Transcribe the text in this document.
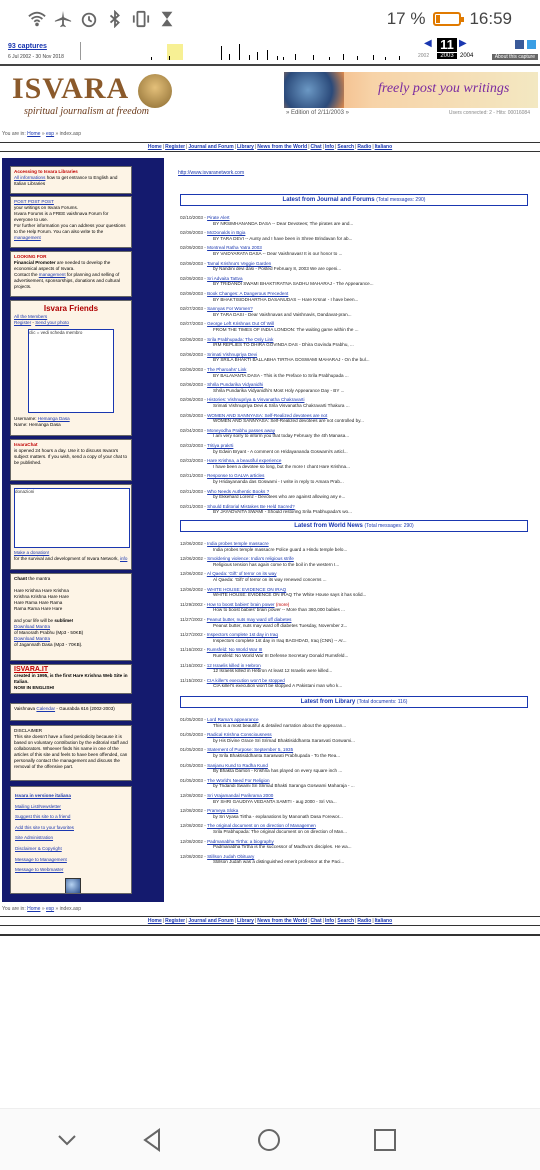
17 %	16:59
93 captures
6 Jul 2002 - 30 Nov 2018
◀	▶
11
2002	2003	2004	About this capture
ISVARA
spiritual journalism at freedom
freely post you writings
» Edition of 2/11/2003 »	Users connected: 2 - Hits: 00016084
You are in: Home » esp » index.asp
Home|Register|Journal and Forum|Library|News from the World|Chat|Info|Search|Radio|Italiano
Accessing to Isvara Libraries
All informations how to get entrance to English and Italian Libraries
POST POST POST
your writings on Isvara Forums.
Isvara Forums is a FREE vaishnava Forum for everyone to use.
For further information you can address your questions to the Help Forum. You can also write to the management
LOOKING FOR
Financial Promoter are needed to develop the economical aspects of Isvara.
Contact the management for planning and selling of advertisement, sponsorships, donations and cultural projects.
Isvara Friends
All the Members
Register - Send your photo
clic = vedi scheda membro
Username: Hemanga Dasa
Name: Hemanga Dasa
IsvaraChat
is opened 24 hours a day. Use it to discuss Isvara's subject matters. If you wish, send a copy of your chat to be published.
donazioni
Make a donation!
for the survival and development of Isvara Network, info
Chant the mantra

Hare Krishna Hare Krishna
Krishna Krishna Hare Hare
Hare Rama Hare Rama
Rama Rama Hare Hare

and your life will be sublime!
Download Mantra
of Manorath Prabhu (Mp3 - 50KB)
Download Mantra
of Jagannath Dasa (Mp3 - 70KB).
ISVARA.IT
created in 1995, is the first Hare Krishna Web Site in Italian.
NOW IN ENGLISH!
Vaishnava Calendar - Gaurabda 616 (2002-2003)
DISCLAIMER
This site doesn't have a fixed periodicity because it is based on voluntary contribution by the editorial staff and collaborators. Whoever finds his name in one of the articles of this site and feels to have been offended, can personally contact the management and discuss the removal of the offensive part.
Isvara in versione italiana
Mailing List/Newsletter
Suggest this site to a friend
Add this site to your favorites
Site Administration
Disclaimer & Copyright
Message to Management
Message to Webmaster
http://www.isvaranetwork.com
Latest from Journal and Forums (Total messages: 290)
02/10/2003 - Pirate Alert
BY NRSIMHANANDA DASA -- Dear Devotees; The pirates are and...
02/09/2003 - McDonalds in Bgia
BY TARA DEVI -- Aunty and I have been in Shree Brindavan for ab...
02/09/2003 - Montreal Ratha Yatra 2003
BY VAIDYARATA DASA -- Dear Vaishnavas! It is our honor to ...
02/09/2003 - Tamal Krishna's Veggie Garden
by Nandini devi dasi - Posted February 8, 2003 We are openi...
02/09/2003 - Sri Advaita Tattva
BY TRIDANDI SWAMI BHAKTIRATNA SADHU MAHARAJ - The Appearance...
02/09/2003 - Book Changes: A Dangerous Precedent
BY BHAKTISIDDHARTHA DASANUDAS -- Hare Krsna! - I have been...
02/07/2003 - Sannyas For Women?
BY TARA DASI - Dear Vaishnavas and Vaishnavis, Dandavat-pran...
02/07/2003 - George Left Krishnas Out Of Will
FROM THE TIMES OF INDIA LONDON: The waiting game within the ...
02/06/2003 - Srila Prabhupada: The Only Link
IRM REPLIES TO DHIRA GOVINDA DAS - Dhira Govinda Prabhu, ...
02/06/2003 - Srimati Vishnupriya Devi
BY SRILA BHAKTI BALLABHA TIRTHA GOSWAMI MAHARAJ - On the bul...
02/06/2003 - The Pharoahs' Link
BY BALAVANTA DASA - This is the Preface to Srila Prabhupada ...
02/06/2003 - Shrila Pundarika Vidyanidhi
Shrila Pundarika Vidyanidhi's Most Holy Appearance Day - BY ...
02/06/2003 - Histories: Vishnupriya & Visvanatha Chakravarti
Srimati Vishnupriya Devi & Srila Visvanatha Chakravarti Thakura ...
02/05/2003 - WOMEN AND SANNYASA: Self-Realized devotees are not
WOMEN AND SANNYASA: Self-Realized devotees are not controlled by...
02/04/2003 - Moneyodha Prabhu passes away
I am very sorry to inform you that today February the 4th Manasa...
02/03/2003 - Tritiya prakrti
by Edwin Bryant - A comment on Hridayananda Goswami's articl...
02/03/2003 - Hare Krishna, a beautiful experience
I have been a devotee so long, but the more I chant Hare Krishna...
02/01/2003 - Response to GALVA articles
by Hridayananda das Goswami - I write in reply to Amara Prab...
02/01/2003 - Who Needs Authentic Books ?
by Ekkehard Lorenz - Devotees who are against allowing any e...
02/01/2003 - Should Editorial Mistakes Be Held Sacred?
BY JAYADVAITA SWAMI - Should restoring Srila Prabhupada's wo...
Latest from World News (Total messages: 290)
12/06/2002 - India probes temple massacre
India probes temple massacre Police guard a Hindu temple belo...
12/06/2002 - Smoldering violence: India's religious strife
Religious tension has again come to the boil in the western I...
12/06/2002 - Al Qaeda: 'Gift' of terror on its way
Al Qaeda: 'Gift' of terror on its way renewed concerns ...
12/06/2002 - WHITE HOUSE: EVIDENCE ON IRAQ
WHITE HOUSE: EVIDENCE ON IRAQ The White House says it has solid...
11/29/2002 - How to boost babies' brain power (more)
How to boost babies' brain power -- More than 360,000 babies ...
11/27/2002 - Peanut butter, nuts may ward off diabetes
Peanut butter, nuts may ward off diabetes Tuesday, November 2...
11/27/2002 - Inspectors complete 1st day in Iraq
Inspectors complete 1st day in Iraq BAGHDAD, Iraq (CNN) -- Ar...
11/16/2002 - Rumsfeld: No World War III
Rumsfeld: No World War III Defense Secretary Donald Rumsfeld...
11/16/2002 - 12 Israelis killed in Hebron
12 Israelis killed in Hebron At least 12 Israelis were killed...
11/15/2002 - CIA killer's execution won't be stopped
CIA killer's execution won't be stopped A Pakistani man who k...
Latest from Library (Total documents: 116)
01/05/2003 - Lord Rama's appearance
This is a most beautiful & detailed narration about the appearan...
01/05/2003 - Radical Krishna Consciousness
by His Divine Grace Sri Srimad Bhaktisiddhanta Sarasvati Goswami...
01/05/2003 - Statement of Purpose: September 5, 1935
by Srila Bhaktisiddhanta Saraswati Prabhupada - To the Rea...
01/05/2003 - Sanjanu Kund to Radha Kund
By Bhakta Damon - Krishna has played on every square inch ...
01/05/2003 - The World's Need For Religion
by Tridandi Swami Sri Srimad Bhakti Saranga Goswami Maharaja - ...
12/08/2002 - Sri Vrajamandal Parikrama 2000
BY SHRI GAUDIYA VEDANTA SAMITI - aug 2000 - Sri Vra...
12/08/2002 - Prameya Sloka
by Sri Vyasa Tirtha - explanations by Manonath Dasa Forewor...
12/08/2002 - The original document on on direction of Managemen
Srila Prabhupada: The original document on on direction of Man...
12/08/2002 - Padmanabha Tirtha: a biography
Padmanabha Tirtha is the successor of Madhva's disciples. He wa...
12/08/2002 - Stillson Judah Obituary
Stillson Judah was a distinguished emerit professor at the Paci...
You are in: Home » esp » index.asp
Home|Register|Journal and Forum|Library|News from the World|Chat|Info|Search|Radio|Italiano
